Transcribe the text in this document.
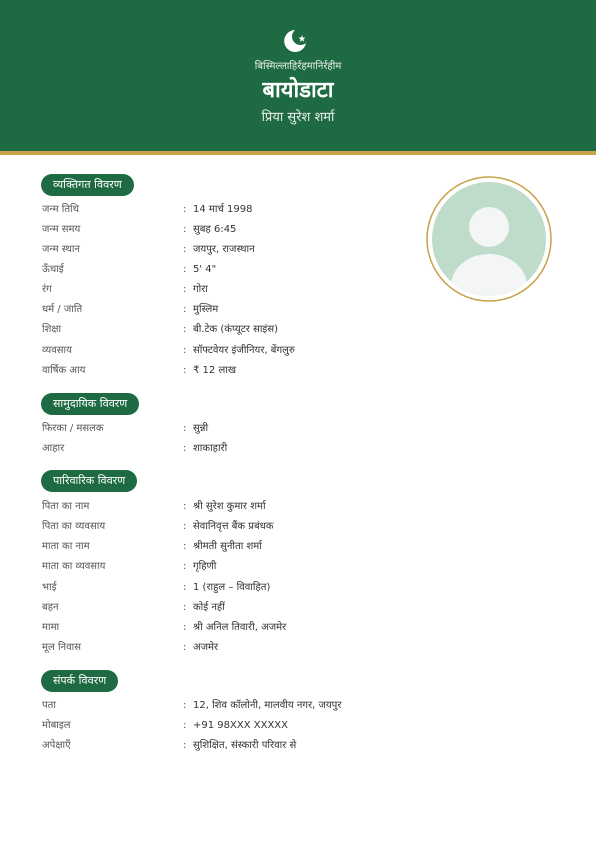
बिस्मिल्लाहिर्रहमानिर्रहीम
बायोडाटा
प्रिया सुरेश शर्मा
व्यक्तिगत विवरण
जन्म तिथि	: 14 मार्च 1998
जन्म समय	: सुबह 6:45
जन्म स्थान	: जयपुर, राजस्थान
ऊँचाई	: 5' 4"
रंग	: गोरा
धर्म / जाति	: मुस्लिम
शिक्षा	: बी.टेक (कंप्यूटर साइंस)
व्यवसाय	: सॉफ्टवेयर इंजीनियर, बेंगलुरु
वार्षिक आय	: ₹ 12 लाख
सामुदायिक विवरण
फिरका / मसलक	: सुन्नी
आहार	: शाकाहारी
पारिवारिक विवरण
पिता का नाम	: श्री सुरेश कुमार शर्मा
पिता का व्यवसाय	: सेवानिवृत्त बैंक प्रबंधक
माता का नाम	: श्रीमती सुनीता शर्मा
माता का व्यवसाय	: गृहिणी
भाई	: 1 (राहुल – विवाहित)
बहन	: कोई नहीं
मामा	: श्री अनिल तिवारी, अजमेर
मूल निवास	: अजमेर
संपर्क विवरण
पता	: 12, शिव कॉलोनी, मालवीय नगर, जयपुर
मोबाइल	: +91 98XXX XXXXX
अपेक्षाएँ	: सुशिक्षित, संस्कारी परिवार से
